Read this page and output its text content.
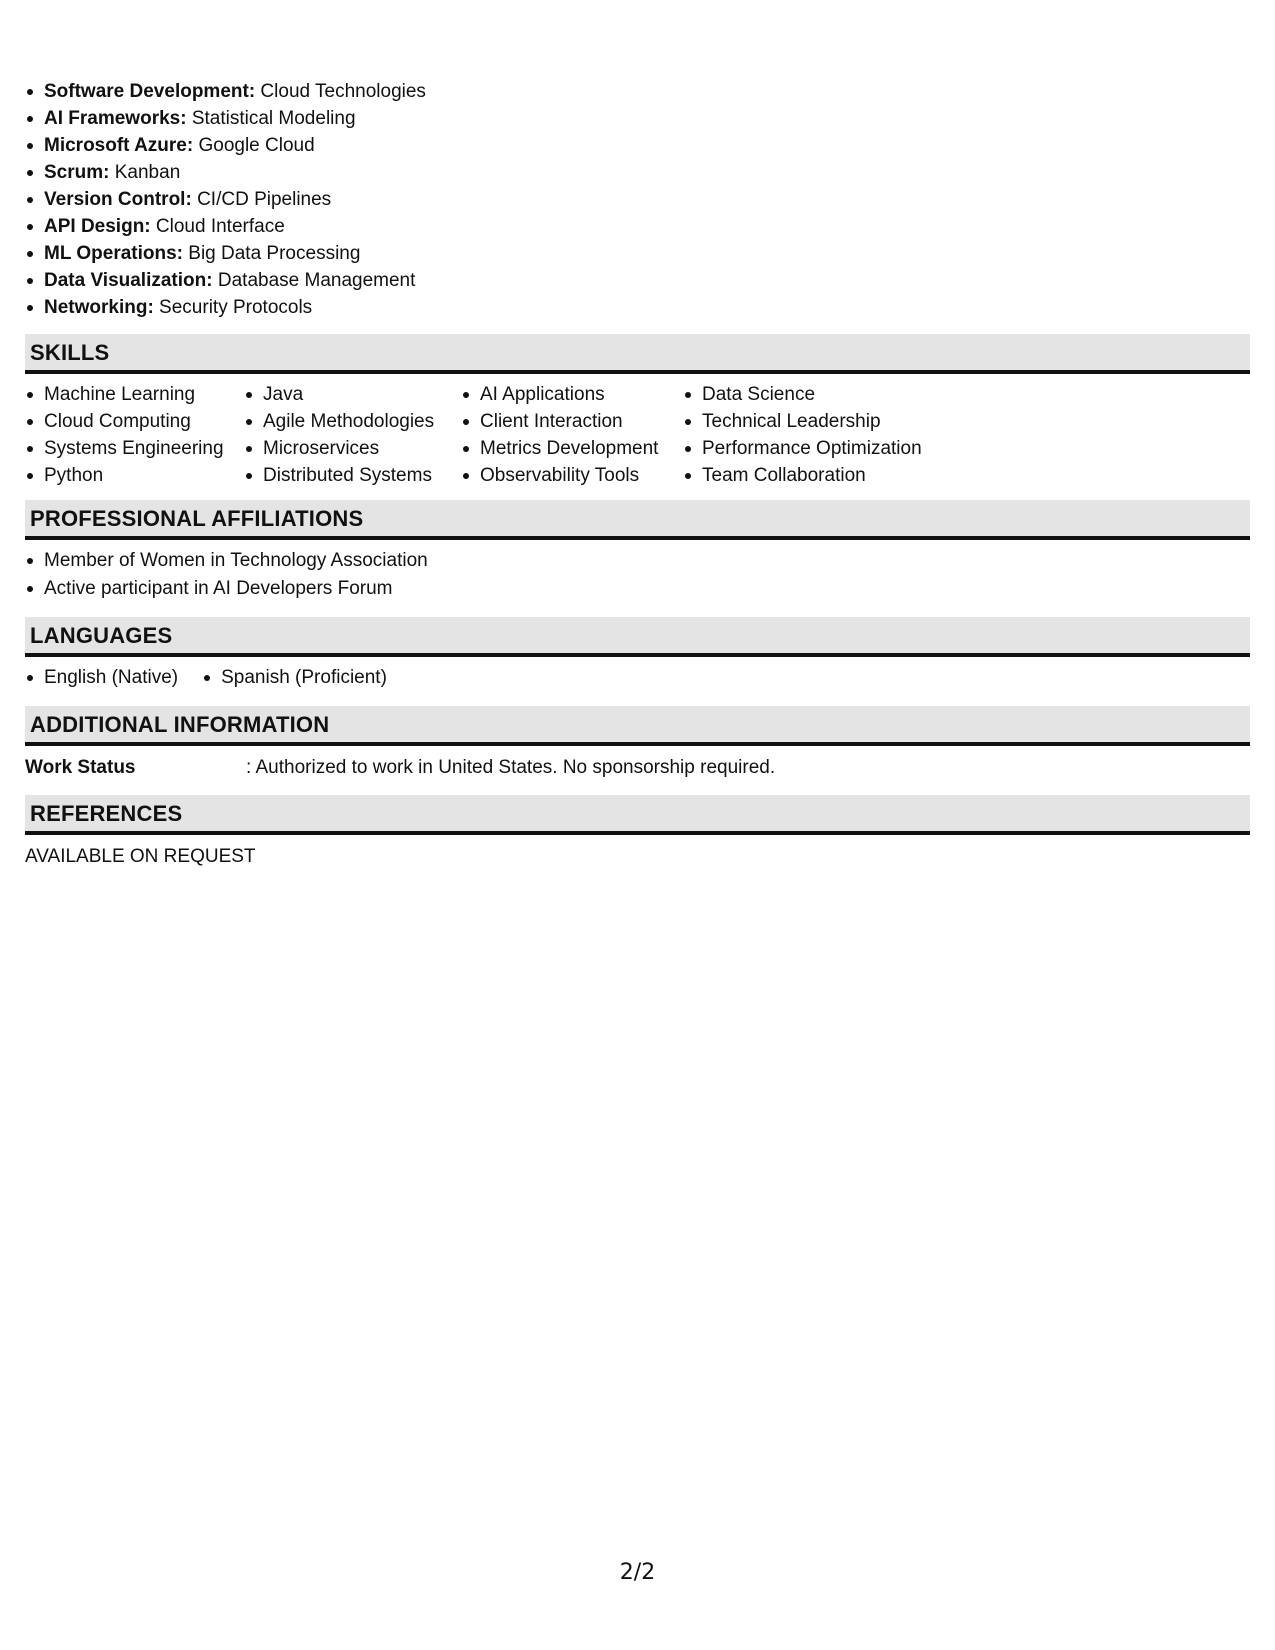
Software Development: Cloud Technologies
AI Frameworks: Statistical Modeling
Microsoft Azure: Google Cloud
Scrum: Kanban
Version Control: CI/CD Pipelines
API Design: Cloud Interface
ML Operations: Big Data Processing
Data Visualization: Database Management
Networking: Security Protocols
SKILLS
Machine Learning
Cloud Computing
Systems Engineering
Python
Java
Agile Methodologies
Microservices
Distributed Systems
AI Applications
Client Interaction
Metrics Development
Observability Tools
Data Science
Technical Leadership
Performance Optimization
Team Collaboration
PROFESSIONAL AFFILIATIONS
Member of Women in Technology Association
Active participant in AI Developers Forum
LANGUAGES
English (Native)	Spanish (Proficient)
ADDITIONAL INFORMATION
Work Status	: Authorized to work in United States. No sponsorship required.
REFERENCES
AVAILABLE ON REQUEST
2/2
